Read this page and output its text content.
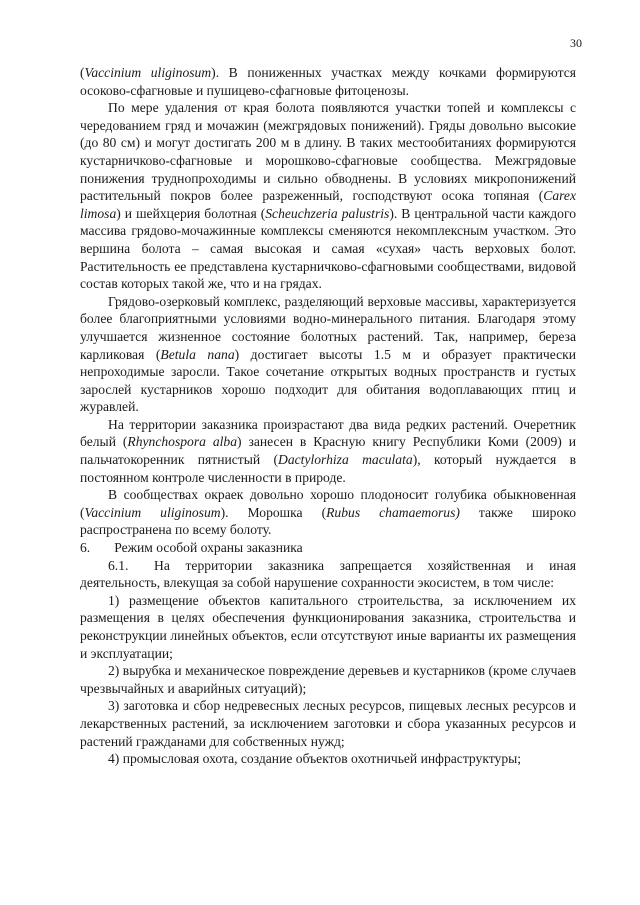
30

(Vaccinium uliginosum). В пониженных участках между кочками формируются осоково-сфагновые и пушицево-сфагновые фитоценозы.

По мере удаления от края болота появляются участки топей и комплексы с чередованием гряд и мочажин (межгрядовых понижений). Гряды довольно высокие (до 80 см) и могут достигать 200 м в длину. В таких местообитаниях формируются кустарничково-сфагновые и морошково-сфагновые сообщества. Межгрядовые понижения труднопроходимы и сильно обводнены. В условиях микропонижений растительный покров более разреженный, господствуют осока топяная (Carex limosa) и шейхцерия болотная (Scheuchzeria palustris). В центральной части каждого массива грядово-мочажинные комплексы сменяются некомплексным участком. Это вершина болота – самая высокая и самая «сухая» часть верховых болот. Растительность ее представлена кустарничково-сфагновыми сообществами, видовой состав которых такой же, что и на грядах.

Грядово-озерковый комплекс, разделяющий верховые массивы, характеризуется более благоприятными условиями водно-минерального питания. Благодаря этому улучшается жизненное состояние болотных растений. Так, например, береза карликовая (Betula nana) достигает высоты 1.5 м и образует практически непроходимые заросли. Такое сочетание открытых водных пространств и густых зарослей кустарников хорошо подходит для обитания водоплавающих птиц и журавлей.

На территории заказника произрастают два вида редких растений. Очеретник белый (Rhynchospora alba) занесен в Красную книгу Республики Коми (2009) и пальчатокоренник пятнистый (Dactylorhiza maculata), который нуждается в постоянном контроле численности в природе.

В сообществах окраек довольно хорошо плодоносит голубика обыкновенная (Vaccinium uliginosum). Морошка (Rubus chamaemorus) также широко распространена по всему болоту.

6. Режим особой охраны заказника

6.1. На территории заказника запрещается хозяйственная и иная деятельность, влекущая за собой нарушение сохранности экосистем, в том числе:

1) размещение объектов капитального строительства, за исключением их размещения в целях обеспечения функционирования заказника, строительства и реконструкции линейных объектов, если отсутствуют иные варианты их размещения и эксплуатации;

2) вырубка и механическое повреждение деревьев и кустарников (кроме случаев чрезвычайных и аварийных ситуаций);

3) заготовка и сбор недревесных лесных ресурсов, пищевых лесных ресурсов и лекарственных растений, за исключением заготовки и сбора указанных ресурсов и растений гражданами для собственных нужд;

4) промысловая охота, создание объектов охотничьей инфраструктуры;
